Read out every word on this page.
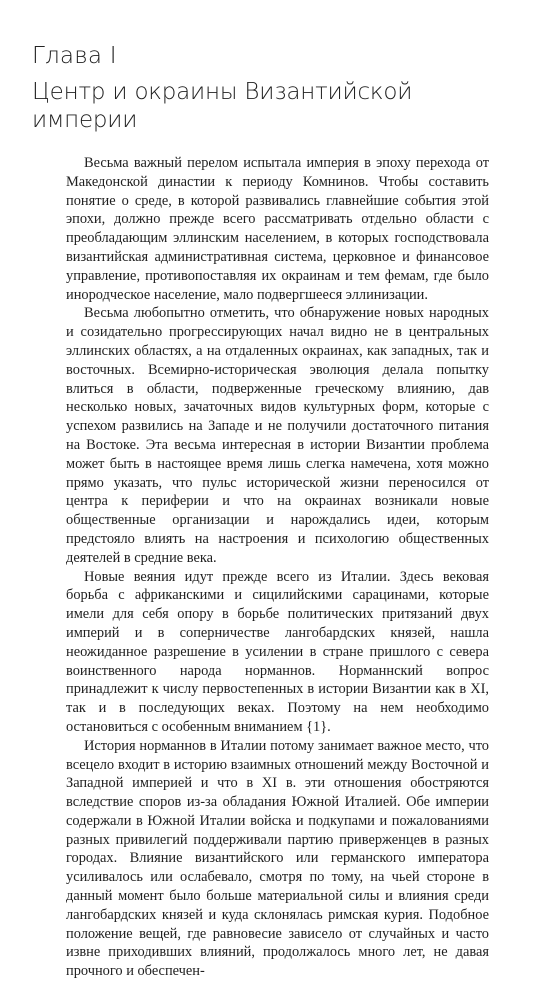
Глава I
Центр и окраины Византийской империи

Весьма важный перелом испытала империя в эпоху перехода от Македонской династии к периоду Комнинов. Чтобы составить понятие о среде, в которой развивались главнейшие события этой эпохи, должно прежде всего рассматривать отдельно области с преобладающим эллинским населением, в которых господствовала византийская административная система, церковное и финансовое управление, противопоставляя их окраинам и тем фемам, где было инородческое население, мало подвергшееся эллинизации.

Весьма любопытно отметить, что обнаружение новых народных и созидательно прогрессирующих начал видно не в центральных эллинских областях, а на отдаленных окраинах, как западных, так и восточных. Всемирно-историческая эволюция делала попытку влиться в области, подверженные греческому влиянию, дав несколько новых, зачаточных видов культурных форм, которые с успехом развились на Западе и не получили достаточного питания на Востоке. Эта весьма интересная в истории Византии проблема может быть в настоящее время лишь слегка намечена, хотя можно прямо указать, что пульс исторической жизни переносился от центра к периферии и что на окраинах возникали новые общественные организации и нарождались идеи, которым предстояло влиять на настроения и психологию общественных деятелей в средние века.

Новые веяния идут прежде всего из Италии. Здесь вековая борьба с африканскими и сицилийскими сарацинами, которые имели для себя опору в борьбе политических притязаний двух империй и в соперничестве лангобардских князей, нашла неожиданное разрешение в усилении в стране пришлого с севера воинственного народа норманнов. Норманнский вопрос принадлежит к числу первостепенных в истории Византии как в XI, так и в последующих веках. Поэтому на нем необходимо остановиться с особенным вниманием {1}.

История норманнов в Италии потому занимает важное место, что всецело входит в историю взаимных отношений между Восточной и Западной империей и что в XI в. эти отношения обостряются вследствие споров из-за обладания Южной Италией. Обе империи содержали в Южной Италии войска и подкупами и пожалованиями разных привилегий поддерживали партию приверженцев в разных городах. Влияние византийского или германского императора усиливалось или ослабевало, смотря по тому, на чьей стороне в данный момент было больше материальной силы и влияния среди лангобардских князей и куда склонялась римская курия. Подобное положение вещей, где равновесие зависело от случайных и часто извне приходивших влияний, продолжалось много лет, не давая прочного и обеспечен-
